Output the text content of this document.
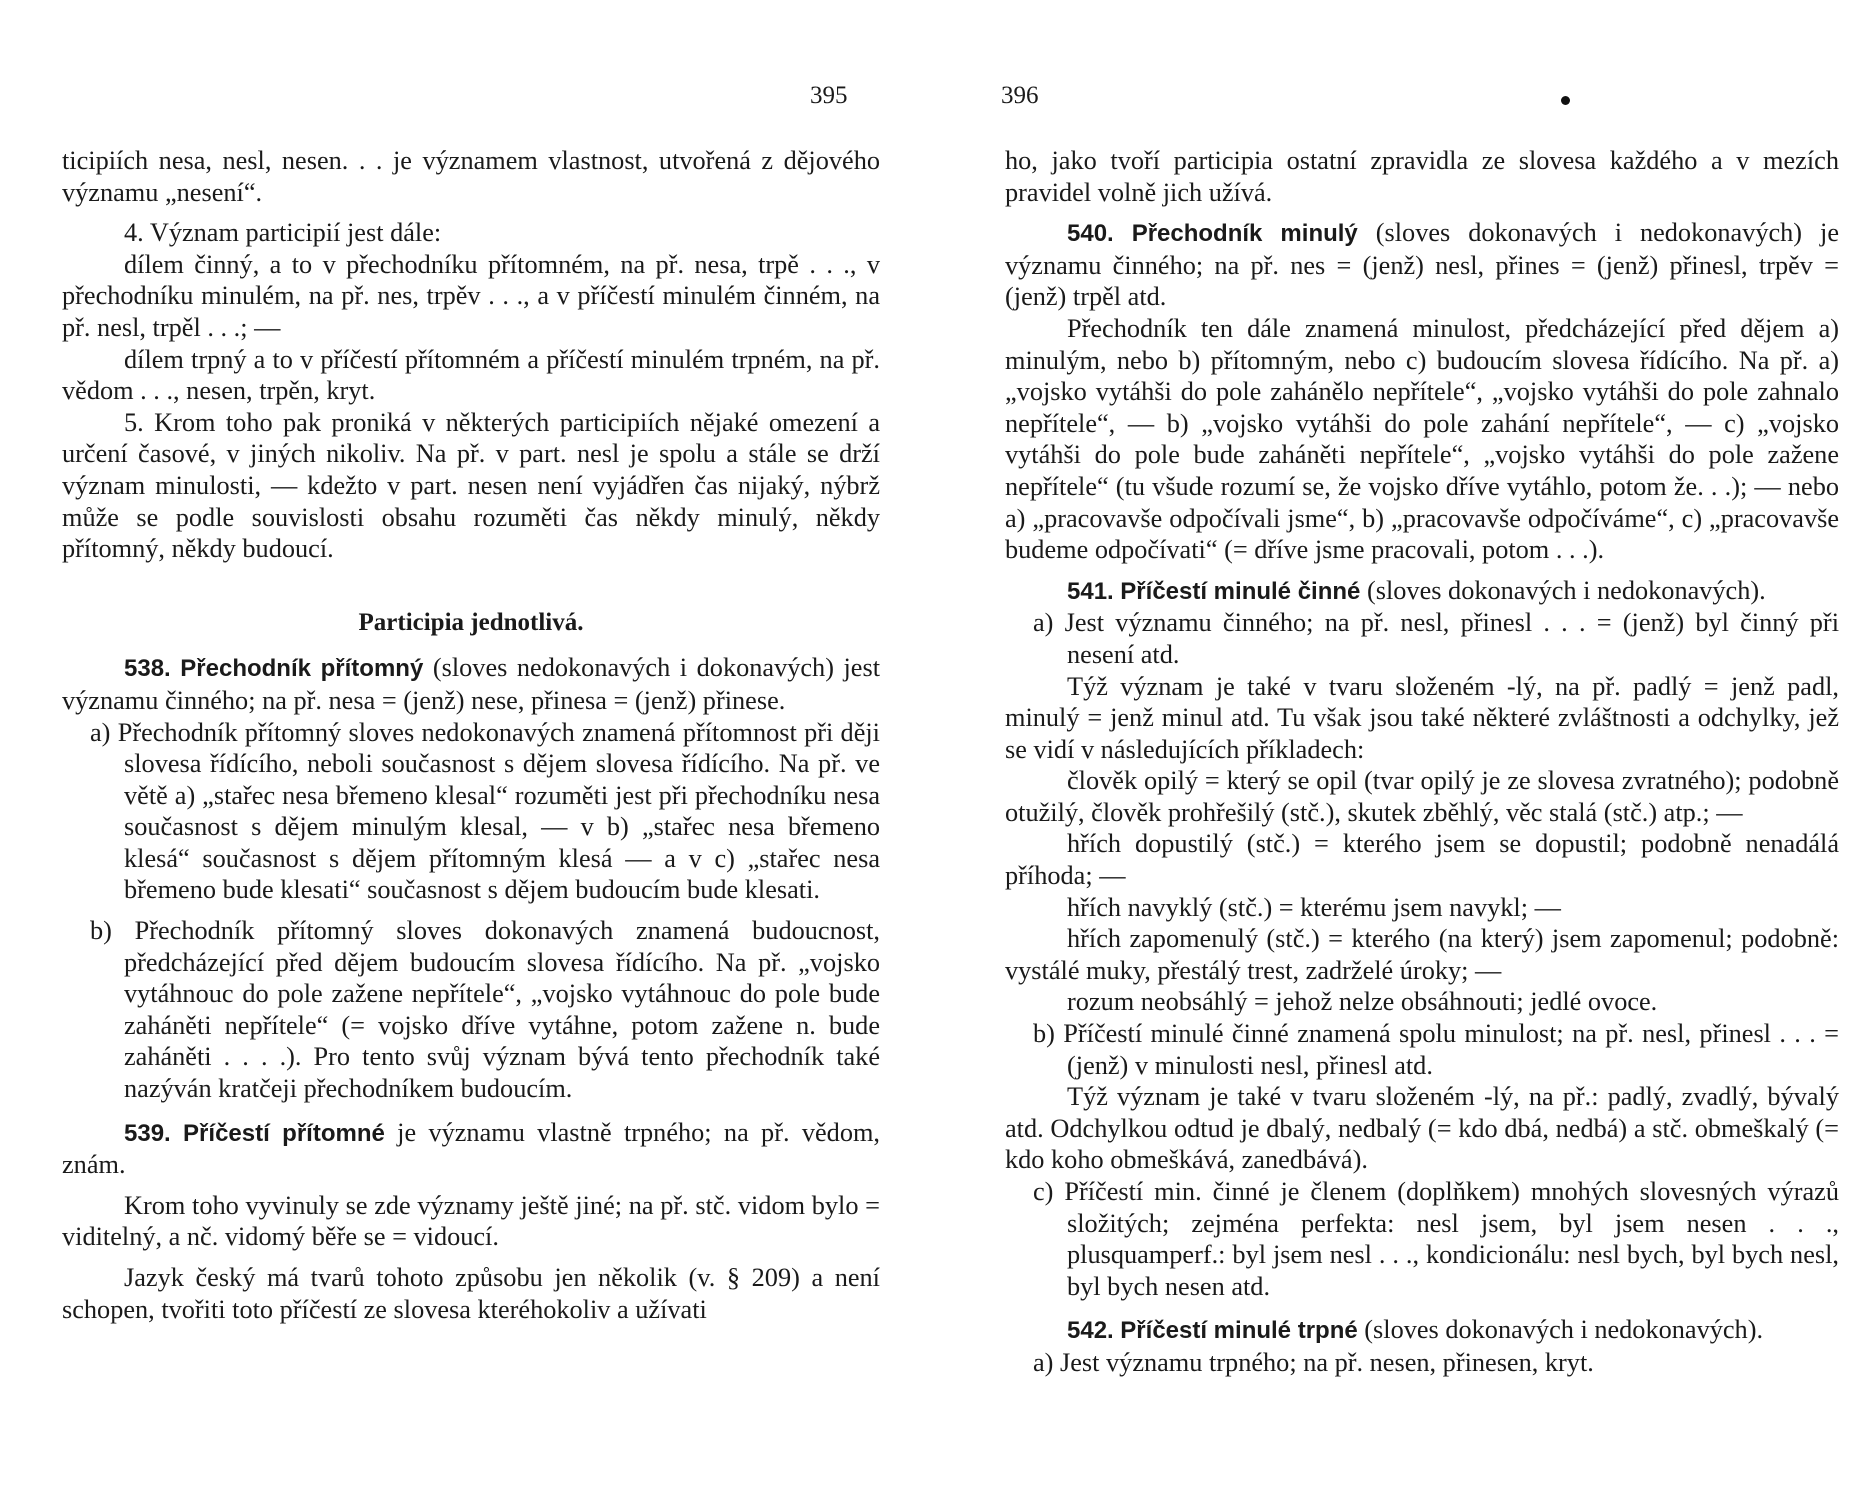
395

ticipiích nesa, nesl, nesen. . . je významem vlastnost, utvořená z dějového významu „nesení“.

4. Význam participií jest dále:

dílem činný, a to v přechodníku přítomném, na př. nesa, trpě . . ., v přechodníku minulém, na př. nes, trpěv . . ., a v příčestí minulém činném, na př. nesl, trpěl . . .; —

dílem trpný a to v příčestí přítomném a příčestí minulém trpném, na př. vědom . . ., nesen, trpěn, kryt.

5. Krom toho pak proniká v některých participiích nějaké omezení a určení časové, v jiných nikoliv. Na př. v part. nesl je spolu a stále se drží význam minulosti, — kdežto v part. nesen není vyjádřen čas nijaký, nýbrž může se podle souvislosti obsahu rozuměti čas někdy minulý, někdy přítomný, někdy budoucí.

Participia jednotlivá.

538. Přechodník přítomný (sloves nedokonavých i dokonavých) jest významu činného; na př. nesa = (jenž) nese, přinesa = (jenž) přinese.

a) Přechodník přítomný sloves nedokonavých znamená přítomnost při ději slovesa řídícího, neboli současnost s dějem slovesa řídícího. Na př. ve větě a) „stařec nesa břemeno klesal“ rozuměti jest při přechodníku nesa současnost s dějem minulým klesal, — v b) „stařec nesa břemeno klesá“ současnost s dějem přítomným klesá — a v c) „stařec nesa břemeno bude klesati“ současnost s dějem budoucím bude klesati.

b) Přechodník přítomný sloves dokonavých znamená budoucnost, předcházející před dějem budoucím slovesa řídícího. Na př. „vojsko vytáhnouc do pole zažene nepřítele“, „vojsko vytáhnouc do pole bude zaháněti nepřítele“ (= vojsko dříve vytáhne, potom zažene n. bude zaháněti . . . .). Pro tento svůj význam bývá tento přechodník také nazýván kratčeji přechodníkem budoucím.

539. Příčestí přítomné je významu vlastně trpného; na př. vědom, znám.

Krom toho vyvinuly se zde významy ještě jiné; na př. stč. vidom bylo = viditelný, a nč. vidomý běře se = vidoucí.

Jazyk český má tvarů tohoto způsobu jen několik (v. § 209) a není schopen, tvořiti toto příčestí ze slovesa kteréhokoliv a užívati

396

ho, jako tvoří participia ostatní zpravidla ze slovesa každého a v mezích pravidel volně jich užívá.

540. Přechodník minulý (sloves dokonavých i nedokonavých) je významu činného; na př. nes = (jenž) nesl, přines = (jenž) přinesl, trpěv = (jenž) trpěl atd.

Přechodník ten dále znamená minulost, předcházející před dějem a) minulým, nebo b) přítomným, nebo c) budoucím slovesa řídícího. Na př. a) „vojsko vytáhši do pole zahánělo nepřítele“, „vojsko vytáhši do pole zahnalo nepřítele“, — b) „vojsko vytáhši do pole zahání nepřítele“, — c) „vojsko vytáhši do pole bude zaháněti nepřítele“, „vojsko vytáhši do pole zažene nepřítele“ (tu všude rozumí se, že vojsko dříve vytáhlo, potom že. . .); — nebo a) „pracovavše odpočívali jsme“, b) „pracovavše odpočíváme“, c) „pracovavše budeme odpočívati“ (= dříve jsme pracovali, potom . . .).

541. Příčestí minulé činné (sloves dokonavých i nedokonavých).

a) Jest významu činného; na př. nesl, přinesl . . . = (jenž) byl činný při nesení atd.

Týž význam je také v tvaru složeném -lý, na př. padlý = jenž padl, minulý = jenž minul atd. Tu však jsou také některé zvláštnosti a odchylky, jež se vidí v následujících příkladech:

člověk opilý = který se opil (tvar opilý je ze slovesa zvratného); podobně otužilý, člověk prohřešilý (stč.), skutek zběhlý, věc stalá (stč.) atp.; —

hřích dopustilý (stč.) = kterého jsem se dopustil; podobně nenadálá příhoda; —

hřích navyklý (stč.) = kterému jsem navykl; —

hřích zapomenulý (stč.) = kterého (na který) jsem zapomenul; podobně: vystálé muky, přestálý trest, zadrželé úroky; —

rozum neobsáhlý = jehož nelze obsáhnouti; jedlé ovoce.

b) Příčestí minulé činné znamená spolu minulost; na př. nesl, přinesl . . . = (jenž) v minulosti nesl, přinesl atd.

Týž význam je také v tvaru složeném -lý, na př.: padlý, zvadlý, bývalý atd. Odchylkou odtud je dbalý, nedbalý (= kdo dbá, nedbá) a stč. obmeškalý (= kdo koho obmeškává, zanedbává).

c) Příčestí min. činné je členem (doplňkem) mnohých slovesných výrazů složitých; zejména perfekta: nesl jsem, byl jsem nesen . . ., plusquamperf.: byl jsem nesl . . ., kondicionálu: nesl bych, byl bych nesl, byl bych nesen atd.

542. Příčestí minulé trpné (sloves dokonavých i nedokonavých).

a) Jest významu trpného; na př. nesen, přinesen, kryt.
